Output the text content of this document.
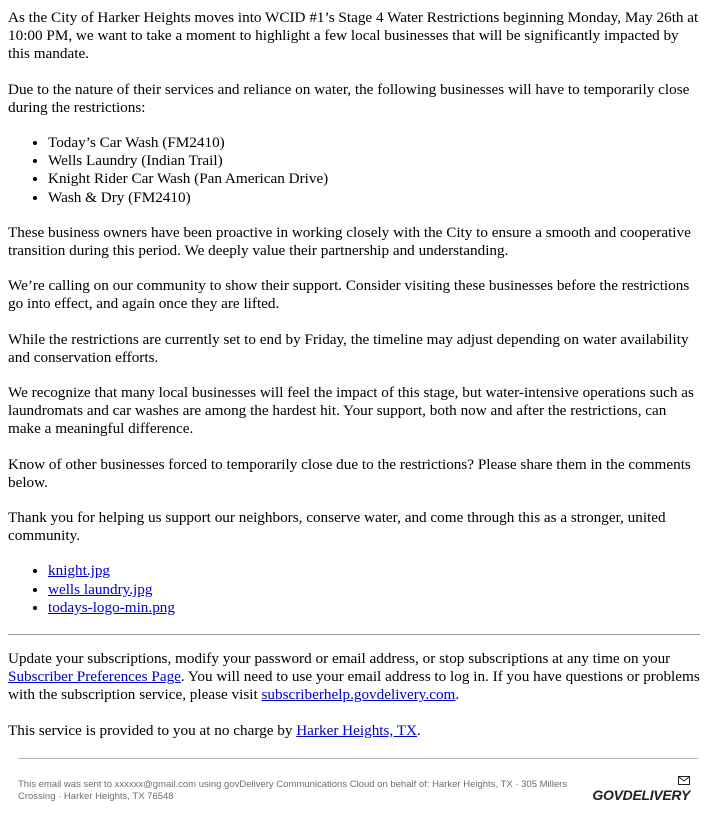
As the City of Harker Heights moves into WCID #1’s Stage 4 Water Restrictions beginning Monday, May 26th at 10:00 PM, we want to take a moment to highlight a few local businesses that will be significantly impacted by this mandate.

Due to the nature of their services and reliance on water, the following businesses will have to temporarily close during the restrictions:

• Today’s Car Wash (FM2410)
• Wells Laundry (Indian Trail)
• Knight Rider Car Wash (Pan American Drive)
• Wash & Dry (FM2410)

These business owners have been proactive in working closely with the City to ensure a smooth and cooperative transition during this period. We deeply value their partnership and understanding.

We’re calling on our community to show their support. Consider visiting these businesses before the restrictions go into effect, and again once they are lifted.

While the restrictions are currently set to end by Friday, the timeline may adjust depending on water availability and conservation efforts.

We recognize that many local businesses will feel the impact of this stage, but water-intensive operations such as laundromats and car washes are among the hardest hit. Your support, both now and after the restrictions, can make a meaningful difference.

Know of other businesses forced to temporarily close due to the restrictions? Please share them in the comments below.

Thank you for helping us support our neighbors, conserve water, and come through this as a stronger, united community.

• knight.jpg
• wells laundry.jpg
• todays-logo-min.png

Update your subscriptions, modify your password or email address, or stop subscriptions at any time on your Subscriber Preferences Page. You will need to use your email address to log in. If you have questions or problems with the subscription service, please visit subscriberhelp.govdelivery.com.

This service is provided to you at no charge by Harker Heights, TX.

This email was sent to xxxxxx@gmail.com using govDelivery Communications Cloud on behalf of: Harker Heights, TX · 305 Millers Crossing · Harker Heights, TX 76548	GOVDELIVERY
